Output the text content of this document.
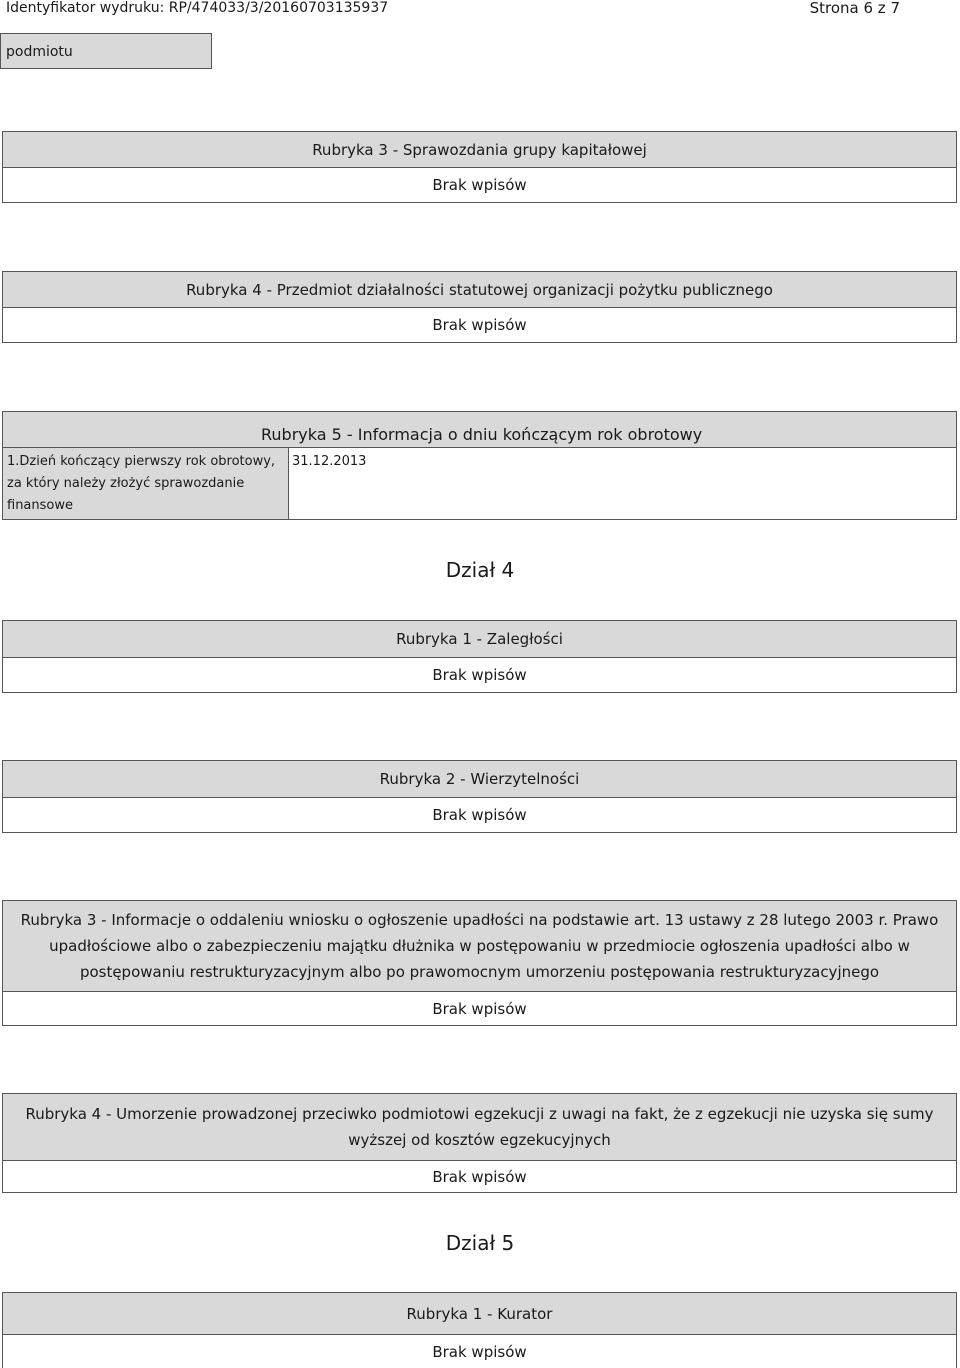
Identyfikator wydruku: RP/474033/3/20160703135937	Strona 6 z 7
podmiotu
Rubryka 3 - Sprawozdania grupy kapitałowej
Brak wpisów
Rubryka 4 - Przedmiot działalności statutowej organizacji pożytku publicznego
Brak wpisów
Rubryka 5 - Informacja o dniu kończącym rok obrotowy
1.Dzień kończący pierwszy rok obrotowy,
za który należy złożyć sprawozdanie
finansowe
31.12.2013
Dział 4
Rubryka 1 - Zaległości
Brak wpisów
Rubryka 2 - Wierzytelności
Brak wpisów
Rubryka 3 - Informacje o oddaleniu wniosku o ogłoszenie upadłości na podstawie art. 13 ustawy z 28 lutego 2003 r. Prawo upadłościowe albo o zabezpieczeniu majątku dłużnika w postępowaniu w przedmiocie ogłoszenia upadłości albo w postępowaniu restrukturyzacyjnym albo po prawomocnym umorzeniu postępowania restrukturyzacyjnego
Brak wpisów
Rubryka 4 - Umorzenie prowadzonej przeciwko podmiotowi egzekucji z uwagi na fakt, że z egzekucji nie uzyska się sumy wyższej od kosztów egzekucyjnych
Brak wpisów
Dział 5
Rubryka 1 - Kurator
Brak wpisów
